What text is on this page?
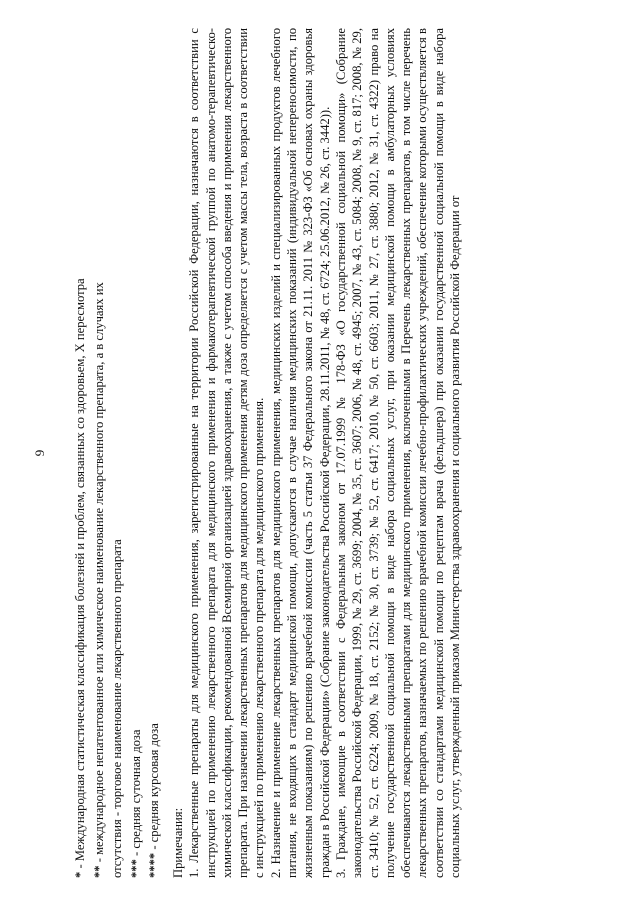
9
* - Международная статистическая классификация болезней и проблем, связанных со здоровьем, X пересмотра ** - международное непатентованное или химическое наименование лекарственного препарата, а в случаях их отсутствия - торговое наименование лекарственного препарата *** - средняя суточная доза
**** - средняя курсовая доза Примечания: 1. Лекарственные препараты для медицинского применения, зарегистрированные на территории Российской Федерации, назначаются в соответствии с инструкцией по применению лекарственного препарата для медицинского применения и фармакотерапевтической группой по анатомо-терапевтическо-химической классификации, рекомендованной Всемирной организацией здравоохранения, а также с учетом способа введения и применения лекарственного препарата. При назначении лекарственных препаратов для медицинского применения детям доза определяется с учетом массы тела, возраста в соответствии с инструкцией по применению лекарственного препарата для медицинского применения. 2. Назначение и применение лекарственных препаратов для медицинского применения, медицинских изделий и специализированных продуктов лечебного питания, не входящих в стандарт медицинской помощи, допускаются в случае наличия медицинских показаний (индивидуальной непереносимости, по жизненным показаниям) по решению врачебной комиссии (часть 5 статьи 37 Федерального закона от 21.11. 2011 № 323-ФЗ «Об основах охраны здоровья граждан в Российской Федерации» (Собрание законодательства Российской Федерации, 28.11.2011, № 48, ст. 6724; 25.06.2012, № 26, ст. 3442)). 3. Граждане, имеющие в соответствии с Федеральным законом от 17.07.1999 № 178-ФЗ «О государственной социальной помощи» (Собрание законодательства Российской Федерации, 1999, № 29, ст. 3699; 2004, № 35, ст. 3607; 2006, № 48, ст. 4945; 2007, № 43, ст. 5084; 2008, № 9, ст. 817; 2008, № 29, ст. 3410; № 52, ст. 6224; 2009, № 18, ст. 2152; № 30, ст. 3739; № 52, ст. 6417; 2010, № 50, ст. 6603; 2011, № 27, ст. 3880; 2012, № 31, ст. 4322) право на получение государственной социальной помощи в виде набора социальных услуг, при оказании медицинской помощи в амбулаторных условиях обеспечиваются лекарственными препаратами для медицинского применения, включенными в Перечень лекарственных препаратов, в том числе перечень лекарственных препаратов, назначаемых по решению врачебной комиссии лечебно-профилактических учреждений, обеспечение которыми осуществляется в соответствии со стандартами медицинской помощи по рецептам врача (фельдшера) при оказании государственной социальной помощи в виде набора социальных услуг, утвержденный приказом Министерства здравоохранения и социального развития Российской Федерации от
